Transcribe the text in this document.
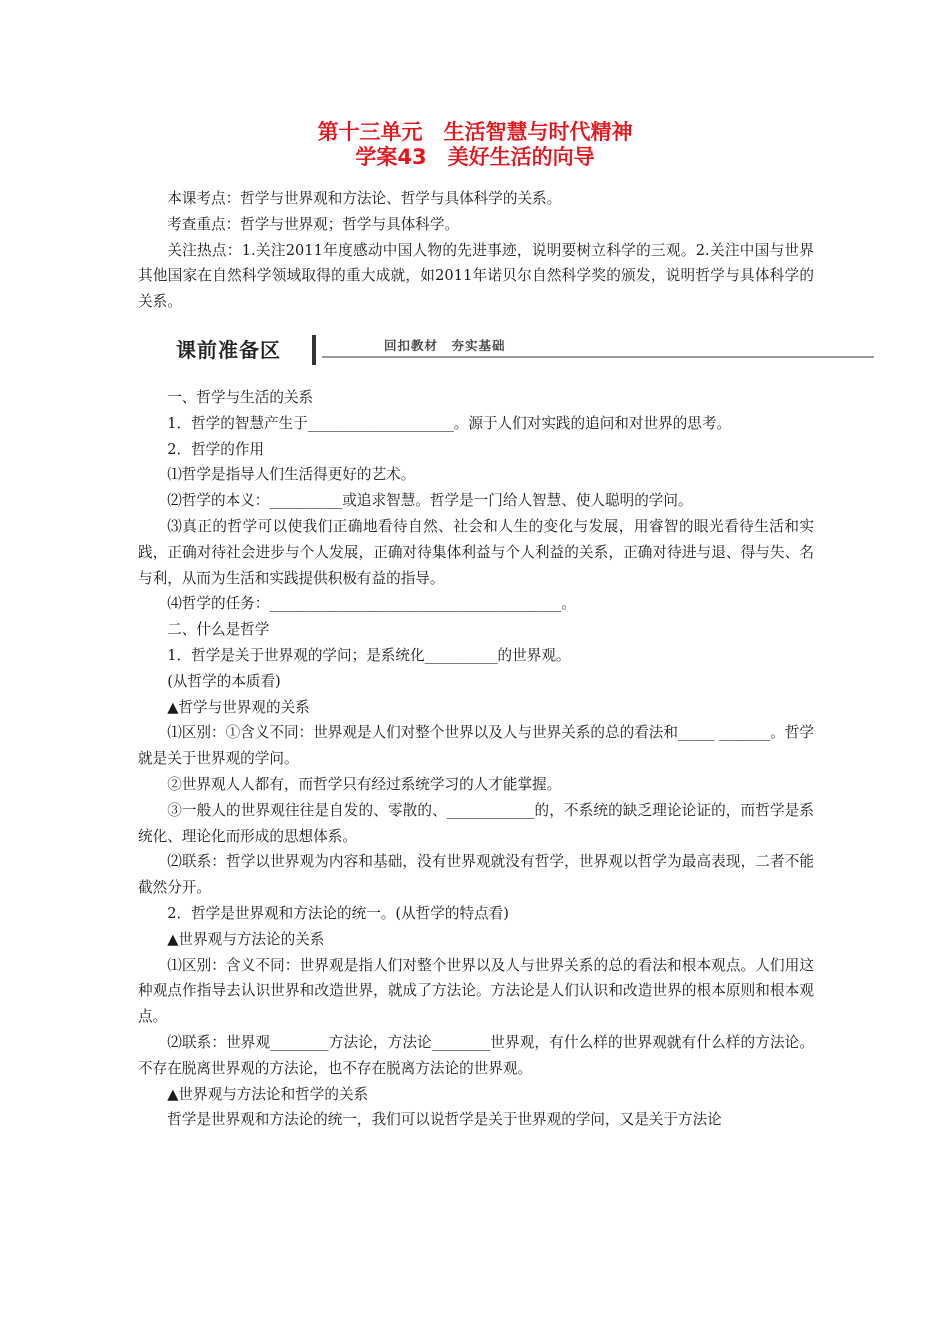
第十三单元　生活智慧与时代精神
学案43　美好生活的向导

本课考点：哲学与世界观和方法论、哲学与具体科学的关系。

考查重点：哲学与世界观；哲学与具体科学。

关注热点：1.关注2011年度感动中国人物的先进事迹，说明要树立科学的三观。2.关注中国与世界其他国家在自然科学领域取得的重大成就，如2011年诺贝尔自然科学奖的颁发，说明哲学与具体科学的关系。

课前准备区	回扣教材　夯实基础

一、哲学与生活的关系

1．哲学的智慧产生于____________________。源于人们对实践的追问和对世界的思考。

2．哲学的作用

⑴哲学是指导人们生活得更好的艺术。

⑵哲学的本义：__________或追求智慧。哲学是一门给人智慧、使人聪明的学问。

⑶真正的哲学可以使我们正确地看待自然、社会和人生的变化与发展，用睿智的眼光看待生活和实践，正确对待社会进步与个人发展，正确对待集体利益与个人利益的关系，正确对待进与退、得与失、名与利，从而为生活和实践提供积极有益的指导。

⑷哲学的任务：________________________________________。

二、什么是哲学

1．哲学是关于世界观的学问；是系统化__________的世界观。

(从哲学的本质看)

▲哲学与世界观的关系

⑴区别：①含义不同：世界观是人们对整个世界以及人与世界关系的总的看法和_____ _______。哲学就是关于世界观的学问。

②世界观人人都有，而哲学只有经过系统学习的人才能掌握。

③一般人的世界观往往是自发的、零散的、____________的，不系统的缺乏理论论证的，而哲学是系统化、理论化而形成的思想体系。

⑵联系：哲学以世界观为内容和基础，没有世界观就没有哲学，世界观以哲学为最高表现，二者不能截然分开。

2．哲学是世界观和方法论的统一。(从哲学的特点看)

▲世界观与方法论的关系

⑴区别：含义不同：世界观是指人们对整个世界以及人与世界关系的总的看法和根本观点。人们用这种观点作指导去认识世界和改造世界，就成了方法论。方法论是人们认识和改造世界的根本原则和根本观点。

⑵联系：世界观________方法论，方法论________世界观，有什么样的世界观就有什么样的方法论。不存在脱离世界观的方法论，也不存在脱离方法论的世界观。

▲世界观与方法论和哲学的关系

哲学是世界观和方法论的统一，我们可以说哲学是关于世界观的学问，又是关于方法论
